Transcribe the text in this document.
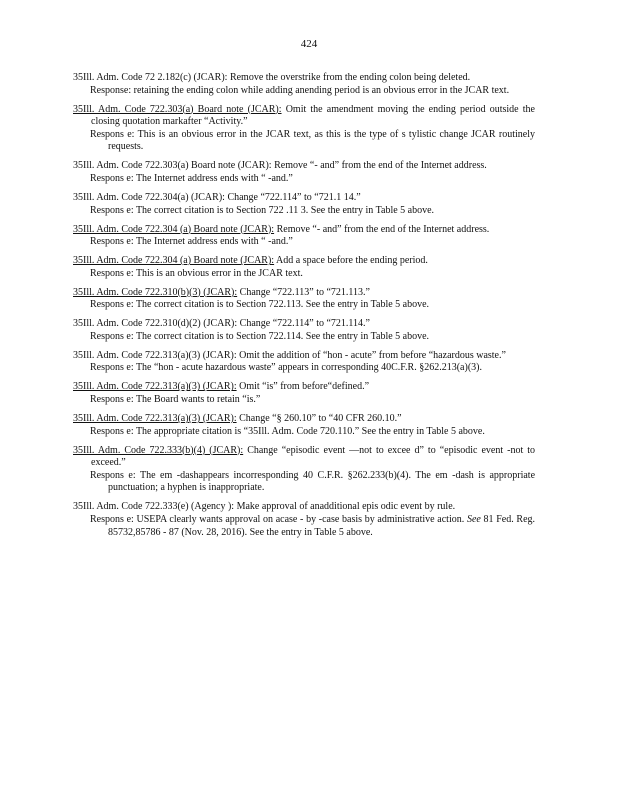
424

35Ill. Adm. Code 72 2.182(c) (JCAR): Remove the overstrike from the ending colon being deleted.

Response: retaining the ending colon while adding anending period is an obvious error in the JCAR text.

35Ill. Adm. Code 722.303(a) Board note (JCAR): Omit the amendment moving the ending period outside the closing quotation markafter “Activity.”

Respons e: This is an obvious error in the JCAR text, as this is the type of s tylistic change JCAR routinely requests.

35Ill. Adm. Code 722.303(a) Board note (JCAR): Remove “- and” from the end of the Internet address.

Respons e: The Internet address ends with “ -and.”

35Ill. Adm. Code 722.304(a) (JCAR): Change “722.114” to “721.1 14.”

Respons e: The correct citation is to Section 722 .11 3. See the entry in Table 5 above.

35Ill. Adm. Code 722.304 (a) Board note (JCAR): Remove “- and” from the end of the Internet address.

Respons e: The Internet address ends with “ -and.”

35Ill. Adm. Code 722.304 (a) Board note (JCAR): Add a space before the ending period.

Respons e: This is an obvious error in the JCAR text.

35Ill. Adm. Code 722.310(b)(3) (JCAR): Change “722.113” to “721.113.”

Respons e: The correct citation is to Section 722.113. See the entry in Table 5 above.

35Ill. Adm. Code 722.310(d)(2) (JCAR): Change “722.114” to “721.114.”

Respons e: The correct citation is to Section 722.114. See the entry in Table 5 above.

35Ill. Adm. Code 722.313(a)(3) (JCAR): Omit the addition of “hon - acute” from before “hazardous waste.”

Respons e: The “hon - acute hazardous waste” appears in corresponding 40C.F.R. §262.213(a)(3).

35Ill. Adm. Code 722.313(a)(3) (JCAR): Omit “is” from before“defined.”

Respons e: The Board wants to retain “is.”

35Ill. Adm. Code 722.313(a)(3) (JCAR): Change “§ 260.10” to “40 CFR 260.10.”

Respons e: The appropriate citation is “35Ill. Adm. Code 720.110.” See the entry in Table 5 above.

35Ill. Adm. Code 722.333(b)(4) (JCAR): Change “episodic event —not to excee d” to “episodic event -not to exceed.”

Respons e: The em -dashappears incorresponding 40 C.F.R. §262.233(b)(4). The em -dash is appropriate punctuation; a hyphen is inappropriate.

35Ill. Adm. Code 722.333(e) (Agency ): Make approval of anadditional epis odic event by rule.

Respons e: USEPA clearly wants approval on acase - by -case basis by administrative action. See 81 Fed. Reg. 85732,85786 - 87 (Nov. 28, 2016). See the entry in Table 5 above.
